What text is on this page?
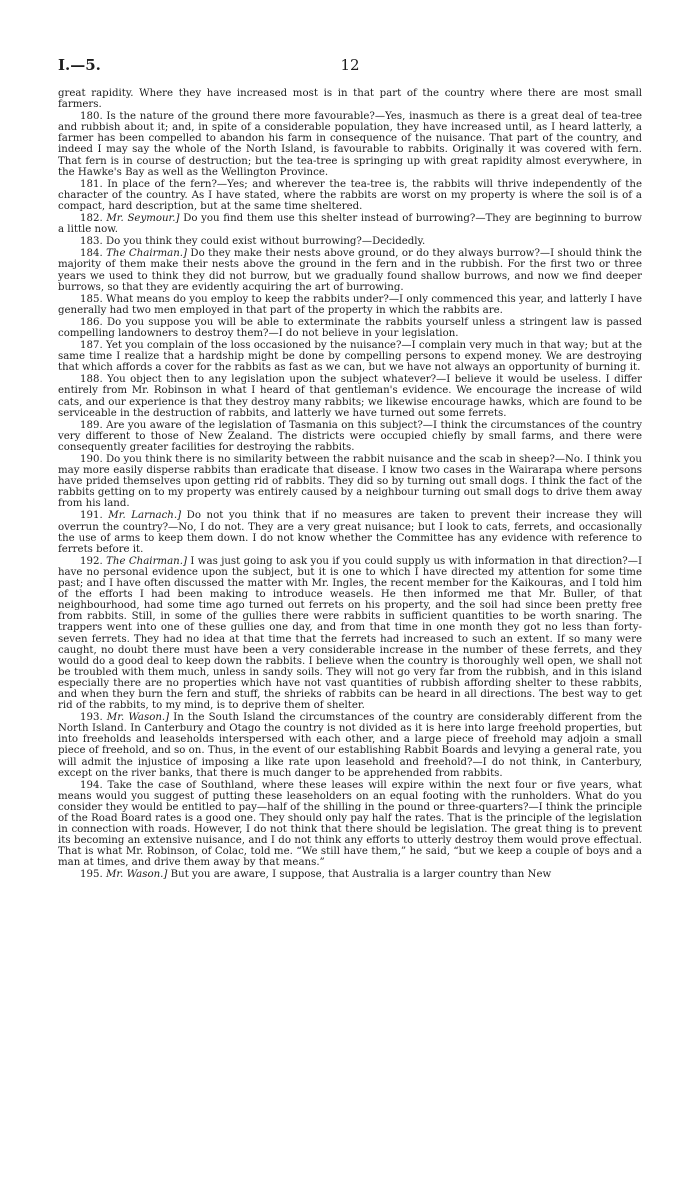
I.—5.	12

great rapidity. Where they have increased most is in that part of the country where there are most small farmers.

180. Is the nature of the ground there more favourable?—Yes, inasmuch as there is a great deal of tea-tree and rubbish about it; and, in spite of a considerable population, they have increased until, as I heard latterly, a farmer has been compelled to abandon his farm in consequence of the nuisance. That part of the country, and indeed I may say the whole of the North Island, is favourable to rabbits. Originally it was covered with fern. That fern is in course of destruction; but the tea-tree is springing up with great rapidity almost everywhere, in the Hawke's Bay as well as the Wellington Province.

181. In place of the fern?—Yes; and wherever the tea-tree is, the rabbits will thrive independently of the character of the country. As I have stated, where the rabbits are worst on my property is where the soil is of a compact, hard description, but at the same time sheltered.

182. Mr. Seymour.] Do you find them use this shelter instead of burrowing?—They are beginning to burrow a little now.

183. Do you think they could exist without burrowing?—Decidedly.

184. The Chairman.] Do they make their nests above ground, or do they always burrow?—I should think the majority of them make their nests above the ground in the fern and in the rubbish. For the first two or three years we used to think they did not burrow, but we gradually found shallow burrows, and now we find deeper burrows, so that they are evidently acquiring the art of burrowing.

185. What means do you employ to keep the rabbits under?—I only commenced this year, and latterly I have generally had two men employed in that part of the property in which the rabbits are.

186. Do you suppose you will be able to exterminate the rabbits yourself unless a stringent law is passed compelling landowners to destroy them?—I do not believe in your legislation.

187. Yet you complain of the loss occasioned by the nuisance?—I complain very much in that way; but at the same time I realize that a hardship might be done by compelling persons to expend money. We are destroying that which affords a cover for the rabbits as fast as we can, but we have not always an opportunity of burning it.

188. You object then to any legislation upon the subject whatever?—I believe it would be useless. I differ entirely from Mr. Robinson in what I heard of that gentleman's evidence. We encourage the increase of wild cats, and our experience is that they destroy many rabbits; we likewise encourage hawks, which are found to be serviceable in the destruction of rabbits, and latterly we have turned out some ferrets.

189. Are you aware of the legislation of Tasmania on this subject?—I think the circumstances of the country very different to those of New Zealand. The districts were occupied chiefly by small farms, and there were consequently greater facilities for destroying the rabbits.

190. Do you think there is no similarity between the rabbit nuisance and the scab in sheep?—No. I think you may more easily disperse rabbits than eradicate that disease. I know two cases in the Wairarapa where persons have prided themselves upon getting rid of rabbits. They did so by turning out small dogs. I think the fact of the rabbits getting on to my property was entirely caused by a neighbour turning out small dogs to drive them away from his land.

191. Mr. Larnach.] Do not you think that if no measures are taken to prevent their increase they will overrun the country?—No, I do not. They are a very great nuisance; but I look to cats, ferrets, and occasionally the use of arms to keep them down. I do not know whether the Committee has any evidence with reference to ferrets before it.

192. The Chairman.] I was just going to ask you if you could supply us with information in that direction?—I have no personal evidence upon the subject, but it is one to which I have directed my attention for some time past; and I have often discussed the matter with Mr. Ingles, the recent member for the Kaikouras, and I told him of the efforts I had been making to introduce weasels. He then informed me that Mr. Buller, of that neighbourhood, had some time ago turned out ferrets on his property, and the soil had since been pretty free from rabbits. Still, in some of the gullies there were rabbits in sufficient quantities to be worth snaring. The trappers went into one of these gullies one day, and from that time in one month they got no less than forty-seven ferrets. They had no idea at that time that the ferrets had increased to such an extent. If so many were caught, no doubt there must have been a very considerable increase in the number of these ferrets, and they would do a good deal to keep down the rabbits. I believe when the country is thoroughly well open, we shall not be troubled with them much, unless in sandy soils. They will not go very far from the rubbish, and in this island especially there are no properties which have not vast quantities of rubbish affording shelter to these rabbits, and when they burn the fern and stuff, the shrieks of rabbits can be heard in all directions. The best way to get rid of the rabbits, to my mind, is to deprive them of shelter.

193. Mr. Wason.] In the South Island the circumstances of the country are considerably different from the North Island. In Canterbury and Otago the country is not divided as it is here into large freehold properties, but into freeholds and leaseholds interspersed with each other, and a large piece of freehold may adjoin a small piece of freehold, and so on. Thus, in the event of our establishing Rabbit Boards and levying a general rate, you will admit the injustice of imposing a like rate upon leasehold and freehold?—I do not think, in Canterbury, except on the river banks, that there is much danger to be apprehended from rabbits.

194. Take the case of Southland, where these leases will expire within the next four or five years, what means would you suggest of putting these leaseholders on an equal footing with the runholders. What do you consider they would be entitled to pay—half of the shilling in the pound or three-quarters?—I think the principle of the Road Board rates is a good one. They should only pay half the rates. That is the principle of the legislation in connection with roads. However, I do not think that there should be legislation. The great thing is to prevent its becoming an extensive nuisance, and I do not think any efforts to utterly destroy them would prove effectual. That is what Mr. Robinson, of Colac, told me. “We still have them,” he said, “but we keep a couple of boys and a man at times, and drive them away by that means.”

195. Mr. Wason.] But you are aware, I suppose, that Australia is a larger country than New
